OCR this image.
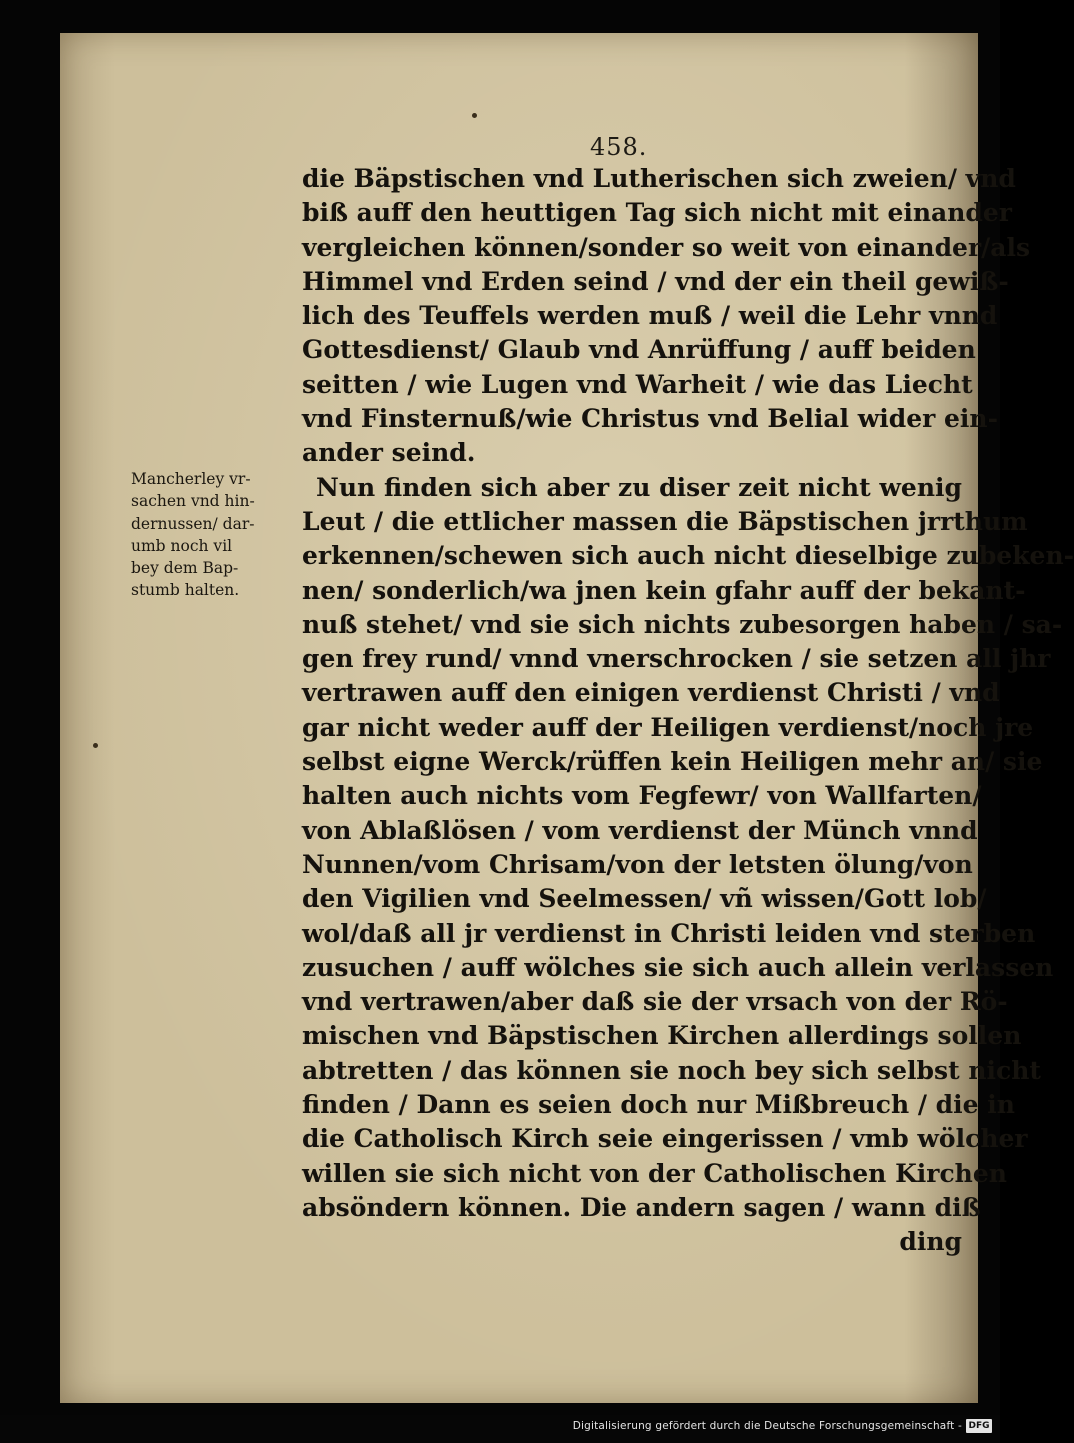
458.
die Bäpstischen vnd Lutherischen sich zweien/ vnd
biß auff den heuttigen Tag sich nicht mit einander
vergleichen können/sonder so weit von einander/als
Himmel vnd Erden seind / vnd der ein theil gewiß-
lich des Teuffels werden muß / weil die Lehr vnnd
Gottesdienst/ Glaub vnd Anrüffung / auff beiden
seitten / wie Lugen vnd Warheit / wie das Liecht
vnd Finsternuß/wie Christus vnd Belial wider ein-
ander seind.
Nun finden sich aber zu diser zeit nicht wenig
Leut / die ettlicher massen die Bäpstischen jrrthum
erkennen/schewen sich auch nicht dieselbige zubeken-
nen/ sonderlich/wa jnen kein gfahr auff der bekant-
nuß stehet/ vnd sie sich nichts zubesorgen haben / sa-
gen frey rund/ vnnd vnerschrocken / sie setzen all jhr
vertrawen auff den einigen verdienst Christi / vnd
gar nicht weder auff der Heiligen verdienst/noch jre
selbst eigne Werck/rüffen kein Heiligen mehr an/ sie
halten auch nichts vom Fegfewr/ von Wallfarten/
von Ablaßlösen / vom verdienst der Münch vnnd
Nunnen/vom Chrisam/von der letsten ölung/von
den Vigilien vnd Seelmessen/ vñ wissen/Gott lob/
wol/daß all jr verdienst in Christi leiden vnd sterben
zusuchen / auff wölches sie sich auch allein verlassen
vnd vertrawen/aber daß sie der vrsach von der Rö-
mischen vnd Bäpstischen Kirchen allerdings sollen
abtretten / das können sie noch bey sich selbst nicht
finden / Dann es seien doch nur Mißbreuch / die in
die Catholisch Kirch seie eingerissen / vmb wölcher
willen sie sich nicht von der Catholischen Kirchen
absöndern können. Die andern sagen / wann diß
ding
Mancherley vr-
sachen vnd hin-
dernussen/ dar-
umb noch vil
bey dem Bap-
stumb halten.
Digitalisierung gefördert durch die Deutsche Forschungsgemeinschaft - DFG
